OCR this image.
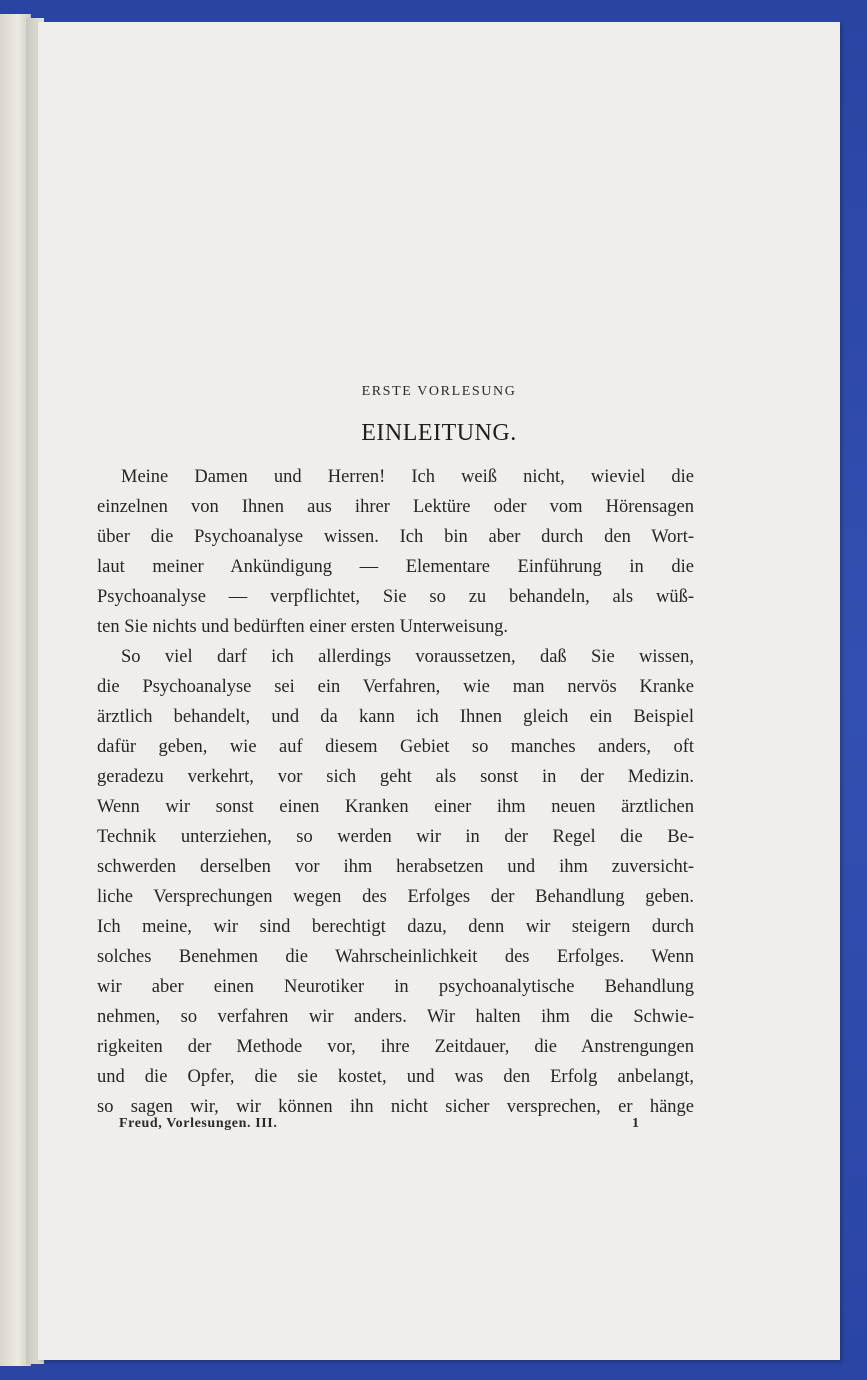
ERSTE VORLESUNG
EINLEITUNG.
Meine Damen und Herren! Ich weiß nicht, wieviel die
einzelnen von Ihnen aus ihrer Lektüre oder vom Hörensagen
über die Psychoanalyse wissen. Ich bin aber durch den Wort-
laut meiner Ankündigung — Elementare Einführung in die
Psychoanalyse — verpflichtet, Sie so zu behandeln, als wüß-
ten Sie nichts und bedürften einer ersten Unterweisung.
So viel darf ich allerdings voraussetzen, daß Sie wissen,
die Psychoanalyse sei ein Verfahren, wie man nervös Kranke
ärztlich behandelt, und da kann ich Ihnen gleich ein Beispiel
dafür geben, wie auf diesem Gebiet so manches anders, oft
geradezu verkehrt, vor sich geht als sonst in der Medizin.
Wenn wir sonst einen Kranken einer ihm neuen ärztlichen
Technik unterziehen, so werden wir in der Regel die Be-
schwerden derselben vor ihm herabsetzen und ihm zuversicht-
liche Versprechungen wegen des Erfolges der Behandlung geben.
Ich meine, wir sind berechtigt dazu, denn wir steigern durch
solches Benehmen die Wahrscheinlichkeit des Erfolges. Wenn
wir aber einen Neurotiker in psychoanalytische Behandlung
nehmen, so verfahren wir anders. Wir halten ihm die Schwie-
rigkeiten der Methode vor, ihre Zeitdauer, die Anstrengungen
und die Opfer, die sie kostet, und was den Erfolg anbelangt,
so sagen wir, wir können ihn nicht sicher versprechen, er hänge
Freud, Vorlesungen. III.	1
